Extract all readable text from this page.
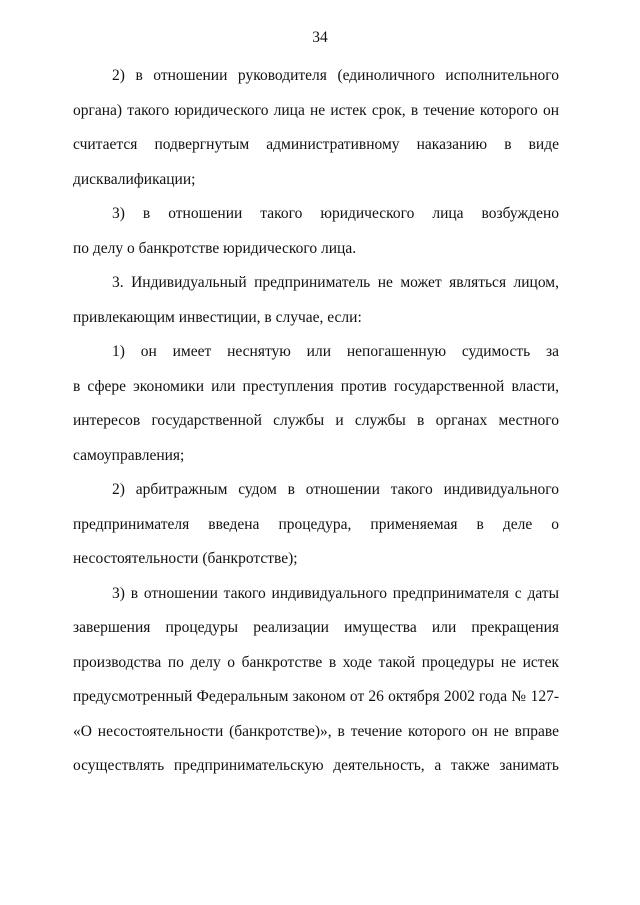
34
2) в отношении руководителя (единоличного исполнительного
органа) такого юридического лица не истек срок, в течение которого он
считается подвергнутым административному наказанию в виде
дисквалификации;
3) в отношении такого юридического лица возбуждено
по делу о банкротстве юридического лица.
3. Индивидуальный предприниматель не может являться лицом,
привлекающим инвестиции, в случае, если:
1) он имеет неснятую или непогашенную судимость за
в сфере экономики или преступления против государственной власти,
интересов государственной службы и службы в органах местного
самоуправления;
2) арбитражным судом в отношении такого индивидуального
предпринимателя введена процедура, применяемая в деле о
несостоятельности (банкротстве);
3) в отношении такого индивидуального предпринимателя с даты
завершения процедуры реализации имущества или прекращения
производства по делу о банкротстве в ходе такой процедуры не истек
предусмотренный Федеральным законом от 26 октября 2002 года № 127-
«О несостоятельности (банкротстве)», в течение которого он не вправе
осуществлять предпринимательскую деятельность, а также занимать
